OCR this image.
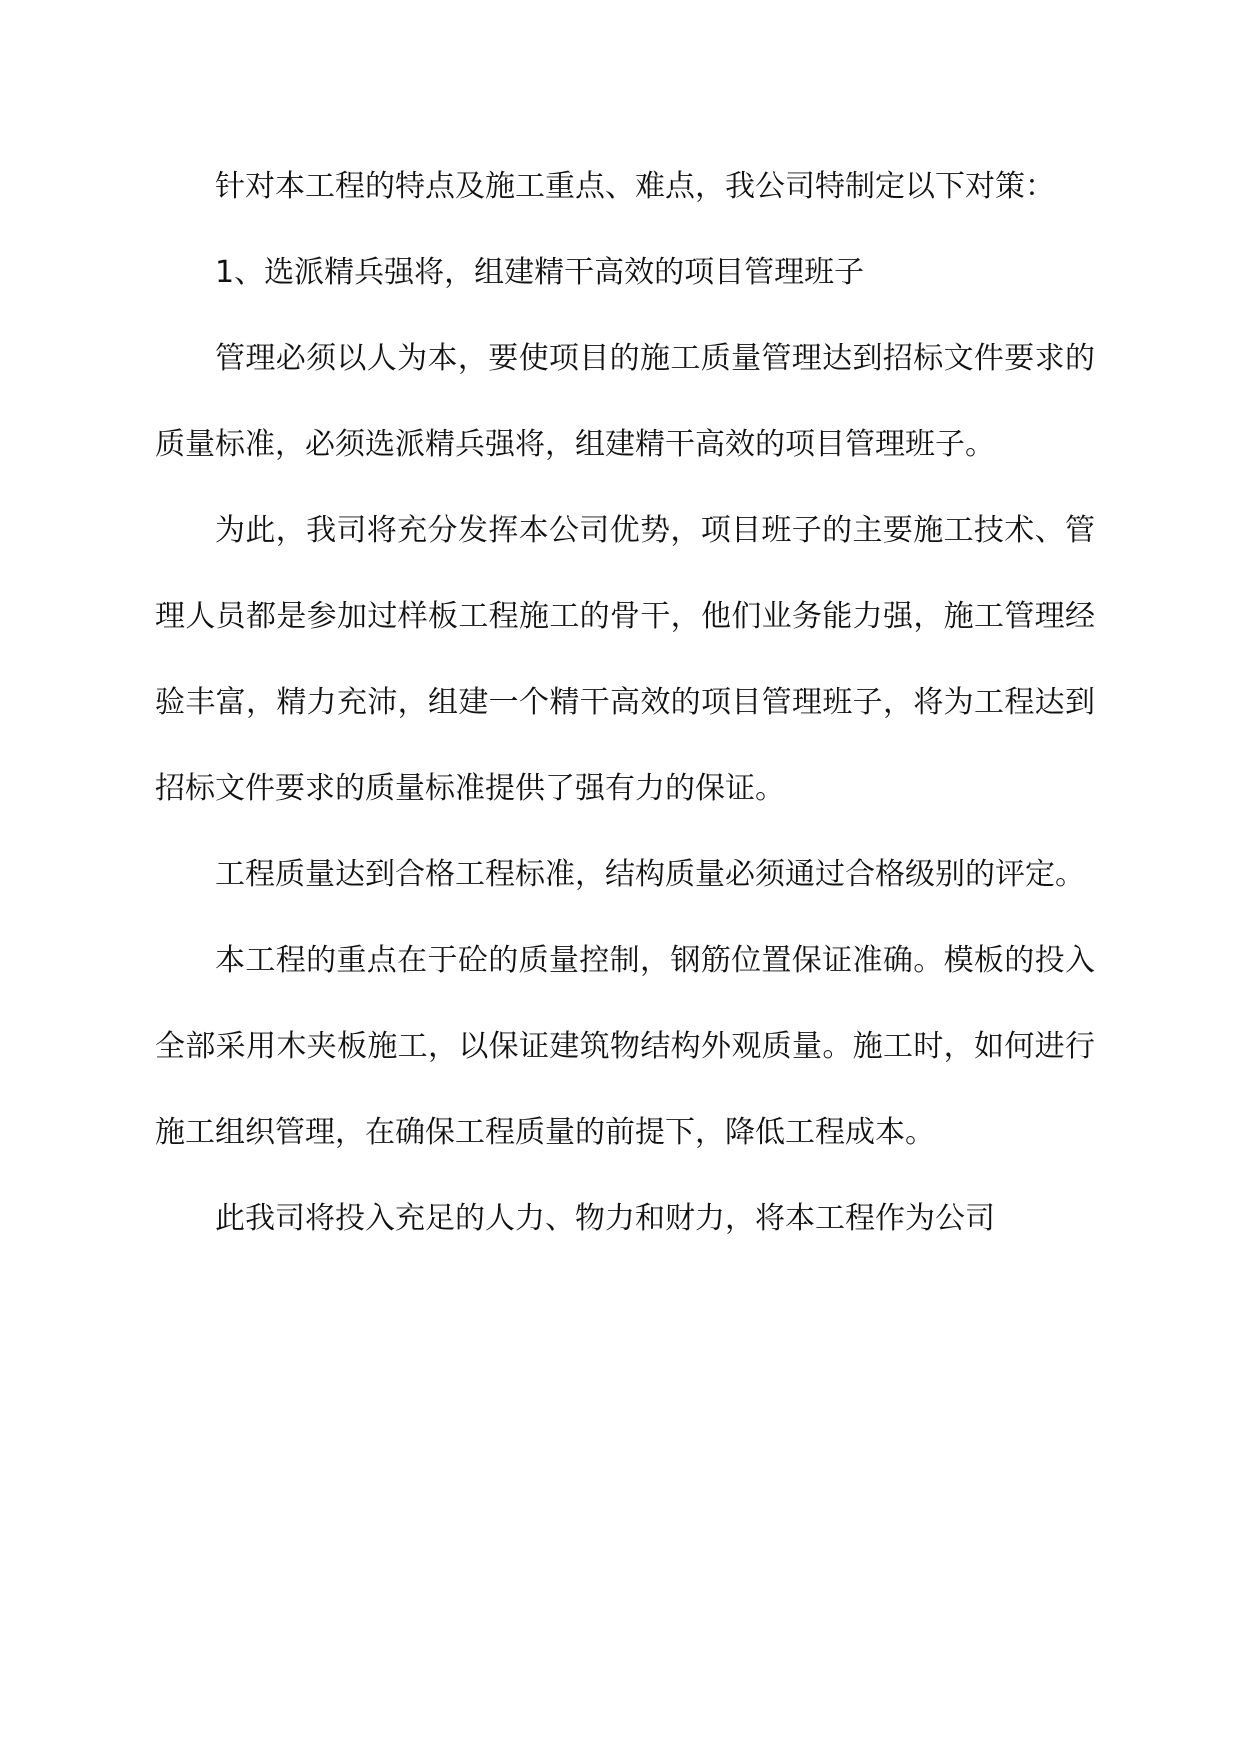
针对本工程的特点及施工重点、难点，我公司特制定以下对策：

1、选派精兵强将，组建精干高效的项目管理班子

管理必须以人为本，要使项目的施工质量管理达到招标文件要求的质量标准，必须选派精兵强将，组建精干高效的项目管理班子。

为此，我司将充分发挥本公司优势，项目班子的主要施工技术、管理人员都是参加过样板工程施工的骨干，他们业务能力强，施工管理经验丰富，精力充沛，组建一个精干高效的项目管理班子，将为工程达到招标文件要求的质量标准提供了强有力的保证。

工程质量达到合格工程标准，结构质量必须通过合格级别的评定。

本工程的重点在于砼的质量控制，钢筋位置保证准确。模板的投入全部采用木夹板施工，以保证建筑物结构外观质量。施工时，如何进行施工组织管理，在确保工程质量的前提下，降低工程成本。

此我司将投入充足的人力、物力和财力，将本工程作为公司
